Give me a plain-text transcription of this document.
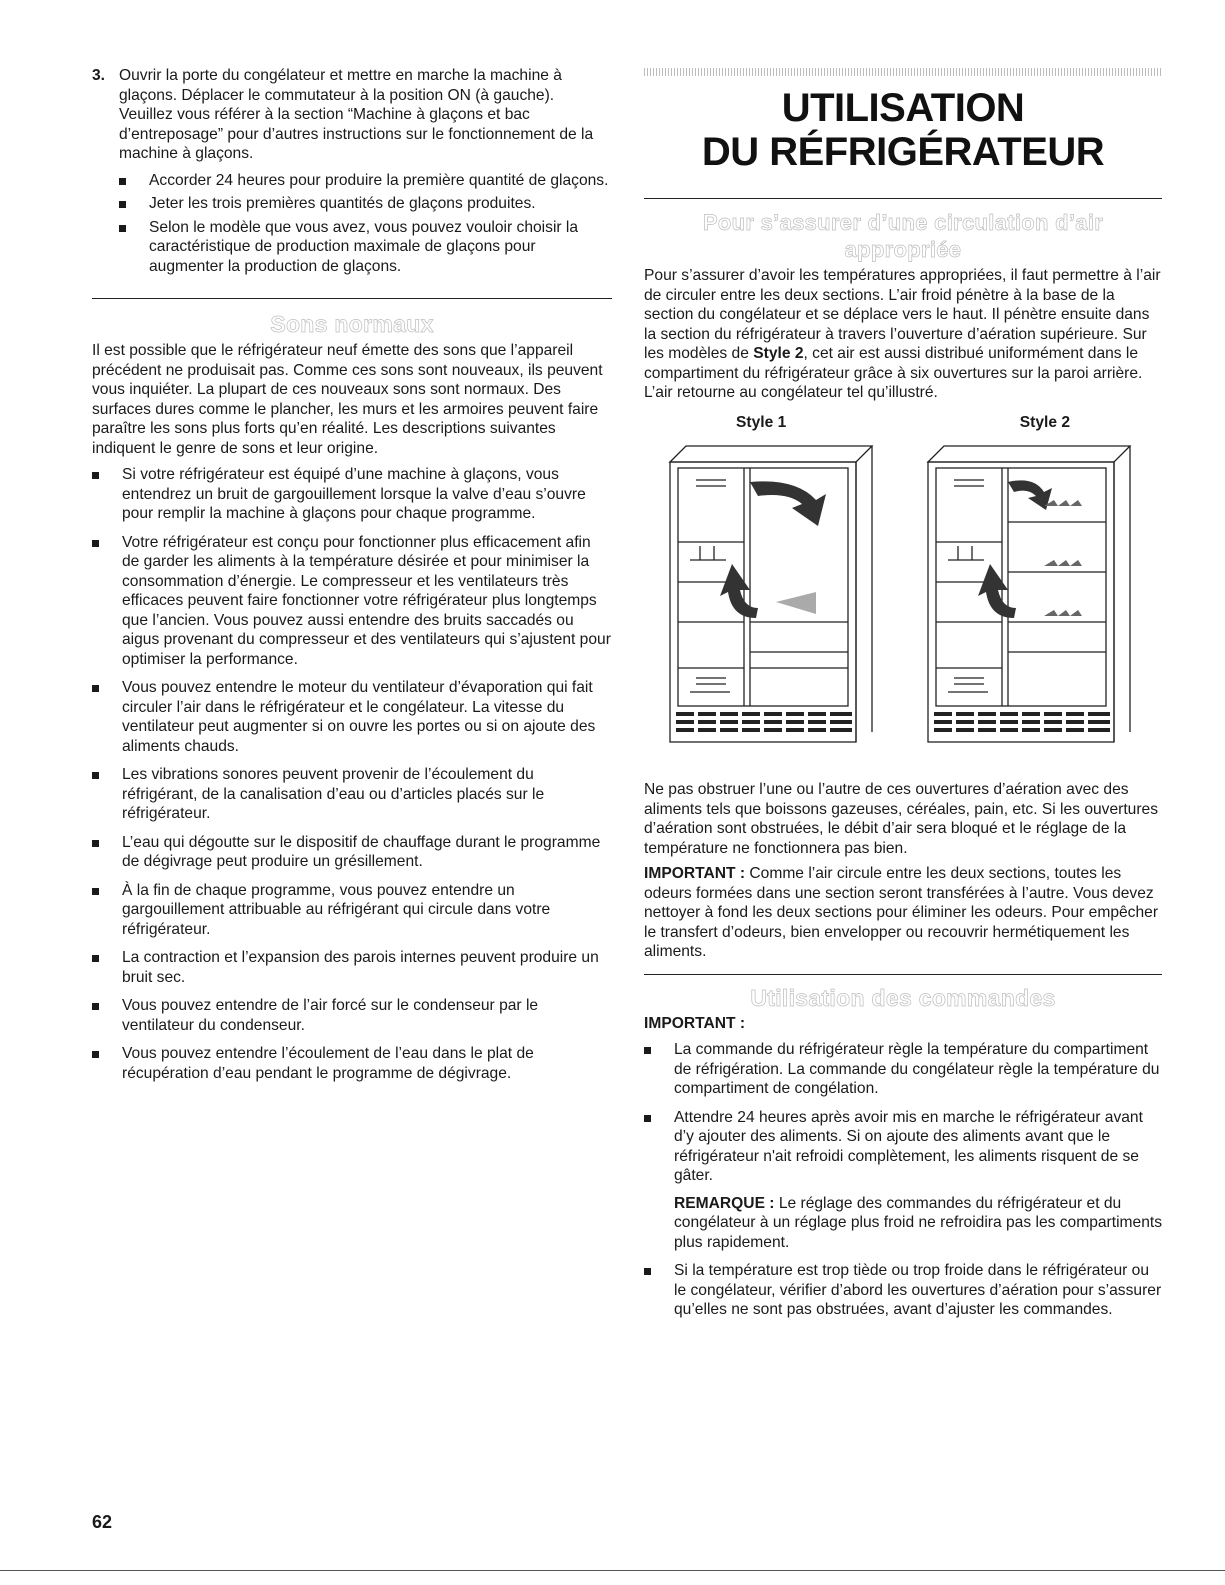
3. Ouvrir la porte du congélateur et mettre en marche la machine à glaçons. Déplacer le commutateur à la position ON (à gauche). Veuillez vous référer à la section “Machine à glaçons et bac d’entreposage” pour d’autres instructions sur le fonctionnement de la machine à glaçons.

Accorder 24 heures pour produire la première quantité de glaçons.
Jeter les trois premières quantités de glaçons produites.
Selon le modèle que vous avez, vous pouvez vouloir choisir la caractéristique de production maximale de glaçons pour augmenter la production de glaçons.
Sons normaux

Il est possible que le réfrigérateur neuf émette des sons que l’appareil précédent ne produisait pas. Comme ces sons sont nouveaux, ils peuvent vous inquiéter. La plupart de ces nouveaux sons sont normaux. Des surfaces dures comme le plancher, les murs et les armoires peuvent faire paraître les sons plus forts qu’en réalité. Les descriptions suivantes indiquent le genre de sons et leur origine.

Si votre réfrigérateur est équipé d’une machine à glaçons, vous entendrez un bruit de gargouillement lorsque la valve d’eau s’ouvre pour remplir la machine à glaçons pour chaque programme.
Votre réfrigérateur est conçu pour fonctionner plus efficacement afin de garder les aliments à la température désirée et pour minimiser la consommation d’énergie. Le compresseur et les ventilateurs très efficaces peuvent faire fonctionner votre réfrigérateur plus longtemps que l’ancien. Vous pouvez aussi entendre des bruits saccadés ou aigus provenant du compresseur et des ventilateurs qui s’ajustent pour optimiser la performance.
Vous pouvez entendre le moteur du ventilateur d’évaporation qui fait circuler l’air dans le réfrigérateur et le congélateur. La vitesse du ventilateur peut augmenter si on ouvre les portes ou si on ajoute des aliments chauds.
Les vibrations sonores peuvent provenir de l’écoulement du réfrigérant, de la canalisation d’eau ou d’articles placés sur le réfrigérateur.
L’eau qui dégoutte sur le dispositif de chauffage durant le programme de dégivrage peut produire un grésillement.
À la fin de chaque programme, vous pouvez entendre un gargouillement attribuable au réfrigérant qui circule dans votre réfrigérateur.
La contraction et l’expansion des parois internes peuvent produire un bruit sec.
Vous pouvez entendre de l’air forcé sur le condenseur par le ventilateur du condenseur.
Vous pouvez entendre l’écoulement de l’eau dans le plat de récupération d’eau pendant le programme de dégivrage.
UTILISATION
DU RÉFRIGÉRATEUR
Pour s’assurer d’une circulation d’air appropriée

Pour s’assurer d’avoir les températures appropriées, il faut permettre à l’air de circuler entre les deux sections. L’air froid pénètre à la base de la section du congélateur et se déplace vers le haut. Il pénètre ensuite dans la section du réfrigérateur à travers l’ouverture d’aération supérieure. Sur les modèles de Style 2, cet air est aussi distribué uniformément dans le compartiment du réfrigérateur grâce à six ouvertures sur la paroi arrière. L’air retourne au congélateur tel qu’illustré.

Style 1	Style 2

Ne pas obstruer l’une ou l’autre de ces ouvertures d’aération avec des aliments tels que boissons gazeuses, céréales, pain, etc. Si les ouvertures d’aération sont obstruées, le débit d’air sera bloqué et le réglage de la température ne fonctionnera pas bien.

IMPORTANT : Comme l’air circule entre les deux sections, toutes les odeurs formées dans une section seront transférées à l’autre. Vous devez nettoyer à fond les deux sections pour éliminer les odeurs. Pour empêcher le transfert d’odeurs, bien envelopper ou recouvrir hermétiquement les aliments.

Utilisation des commandes

IMPORTANT :

La commande du réfrigérateur règle la température du compartiment de réfrigération. La commande du congélateur règle la température du compartiment de congélation.
Attendre 24 heures après avoir mis en marche le réfrigérateur avant d’y ajouter des aliments. Si on ajoute des aliments avant que le réfrigérateur n'ait refroidi complètement, les aliments risquent de se gâter.

REMARQUE : Le réglage des commandes du réfrigérateur et du congélateur à un réglage plus froid ne refroidira pas les compartiments plus rapidement.

Si la température est trop tiède ou trop froide dans le réfrigérateur ou le congélateur, vérifier d’abord les ouvertures d’aération pour s’assurer qu’elles ne sont pas obstruées, avant d’ajuster les commandes.
62
